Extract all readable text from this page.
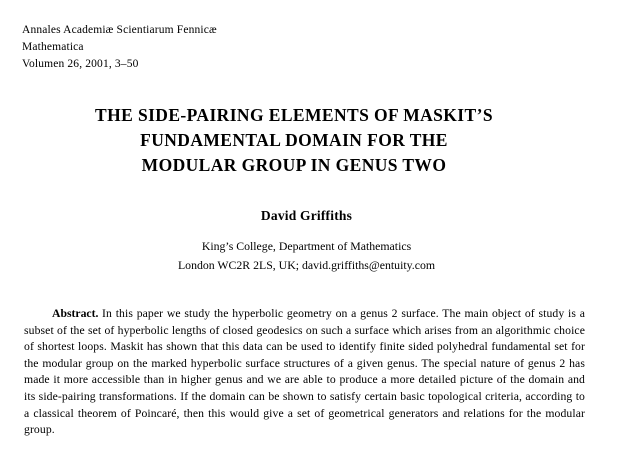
Annales Academiæ Scientiarum Fennicæ
Mathematica
Volumen 26, 2001, 3–50
THE SIDE-PAIRING ELEMENTS OF MASKIT’S
FUNDAMENTAL DOMAIN FOR THE
MODULAR GROUP IN GENUS TWO
David Griffiths
King’s College, Department of Mathematics
London WC2R 2LS, UK; david.griffiths@entuity.com
Abstract. In this paper we study the hyperbolic geometry on a genus 2 surface. The main object of study is a subset of the set of hyperbolic lengths of closed geodesics on such a surface which arises from an algorithmic choice of shortest loops. Maskit has shown that this data can be used to identify finite sided polyhedral fundamental set for the modular group on the marked hyperbolic surface structures of a given genus. The special nature of genus 2 has made it more accessible than in higher genus and we are able to produce a more detailed picture of the domain and its side-pairing transformations. If the domain can be shown to satisfy certain basic topological criteria, according to a classical theorem of Poincaré, then this would give a set of geometrical generators and relations for the modular group.
